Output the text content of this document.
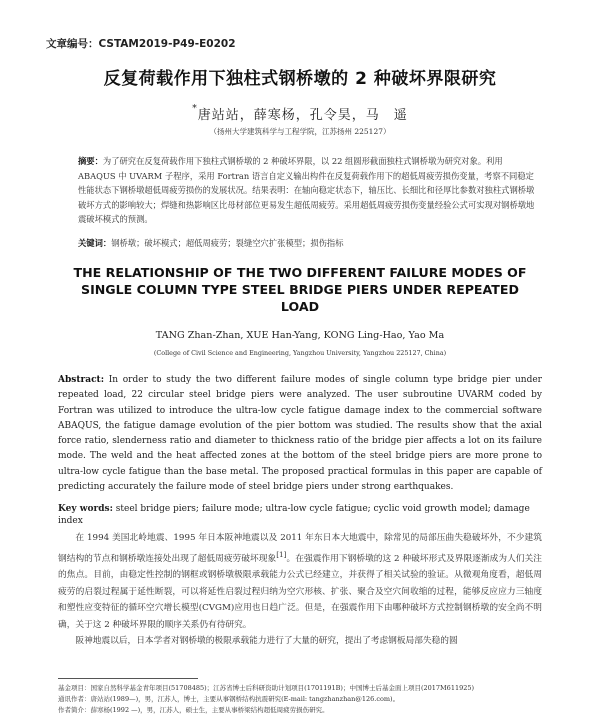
文章编号：CSTAM2019-P49-E0202
反复荷载作用下独柱式钢桥墩的 2 种破坏界限研究
*唐站站，薛寒杨，孔令昊，马　遥
（扬州大学建筑科学与工程学院，江苏扬州 225127）
摘要：为了研究在反复荷载作用下独柱式钢桥墩的 2 种破坏界限，以 22 组圆形截面独柱式钢桥墩为研究对象。利用 ABAQUS 中 UVARM 子程序，采用 Fortran 语言自定义输出构件在反复荷载作用下的超低周疲劳损伤变量，考察不同稳定性能状态下钢桥墩超低周疲劳损伤的发展状况。结果表明：在轴向稳定状态下，轴压比、长细比和径厚比参数对独柱式钢桥墩破坏方式的影响较大；焊缝和热影响区比母材部位更易发生超低周疲劳。采用超低周疲劳损伤变量经验公式可实现对钢桥墩地震破坏模式的预测。
关键词：钢桥墩；破坏模式；超低周疲劳；裂缝空穴扩张模型；损伤指标
THE RELATIONSHIP OF THE TWO DIFFERENT FAILURE MODES OF SINGLE COLUMN TYPE STEEL BRIDGE PIERS UNDER REPEATED LOAD
TANG Zhan-Zhan, XUE Han-Yang, KONG Ling-Hao, Yao Ma
(College of Civil Science and Engineering, Yangzhou University, Yangzhou 225127, China)
Abstract: In order to study the two different failure modes of single column type bridge pier under repeated load, 22 circular steel bridge piers were analyzed. The user subroutine UVARM coded by Fortran was utilized to introduce the ultra-low cycle fatigue damage index to the commercial software ABAQUS, the fatigue damage evolution of the pier bottom was studied. The results show that the axial force ratio, slenderness ratio and diameter to thickness ratio of the bridge pier affects a lot on its failure mode. The weld and the heat affected zones at the bottom of the steel bridge piers are more prone to ultra-low cycle fatigue than the base metal. The proposed practical formulas in this paper are capable of predicting accurately the failure mode of steel bridge piers under strong earthquakes.
Key words: steel bridge piers; failure mode; ultra-low cycle fatigue; cyclic void growth model; damage index

在 1994 美国北岭地震、1995 年日本阪神地震以及 2011 年东日本大地震中，除常见的局部压曲失稳破坏外，不少建筑钢结构的节点和钢桥墩连接处出现了超低周疲劳破坏现象[1]。在强震作用下钢桥墩的这 2 种破坏形式及界限逐渐成为人们关注的焦点。目前，由稳定性控制的钢框或钢桥墩极限承载能力公式已经建立，并获得了相关试验的验证。从微观角度看，超低周疲劳的启裂过程属于延性断裂，可以将延性启裂过程归纳为空穴形核、扩张、聚合及空穴间收缩的过程，能够反应应力三轴度和塑性应变特征的循环空穴增长模型(CVGM)应用也日趋广泛。但是，在强震作用下由哪种破坏方式控制钢桥墩的安全尚不明确，关于这 2 种破坏界限的顺序关系仍有待研究。

阪神地震以后，日本学者对钢桥墩的极限承载能力进行了大量的研究，提出了考虑钢板局部失稳的圆

基金项目：国家自然科学基金青年项目(51708485)；江苏省博士后科研资助计划项目(1701191B)；中国博士后基金面上项目(2017M611925)
通讯作者：唐站站(1989—)，男，江苏人，博士，主要从事钢桥结构抗震研究(E-mail: tangzhanzhan@126.com)。
作者简介：薛寒杨(1992 —)，男，江苏人，硕士生，主要从事桥梁结构超低周疲劳损伤研究。
